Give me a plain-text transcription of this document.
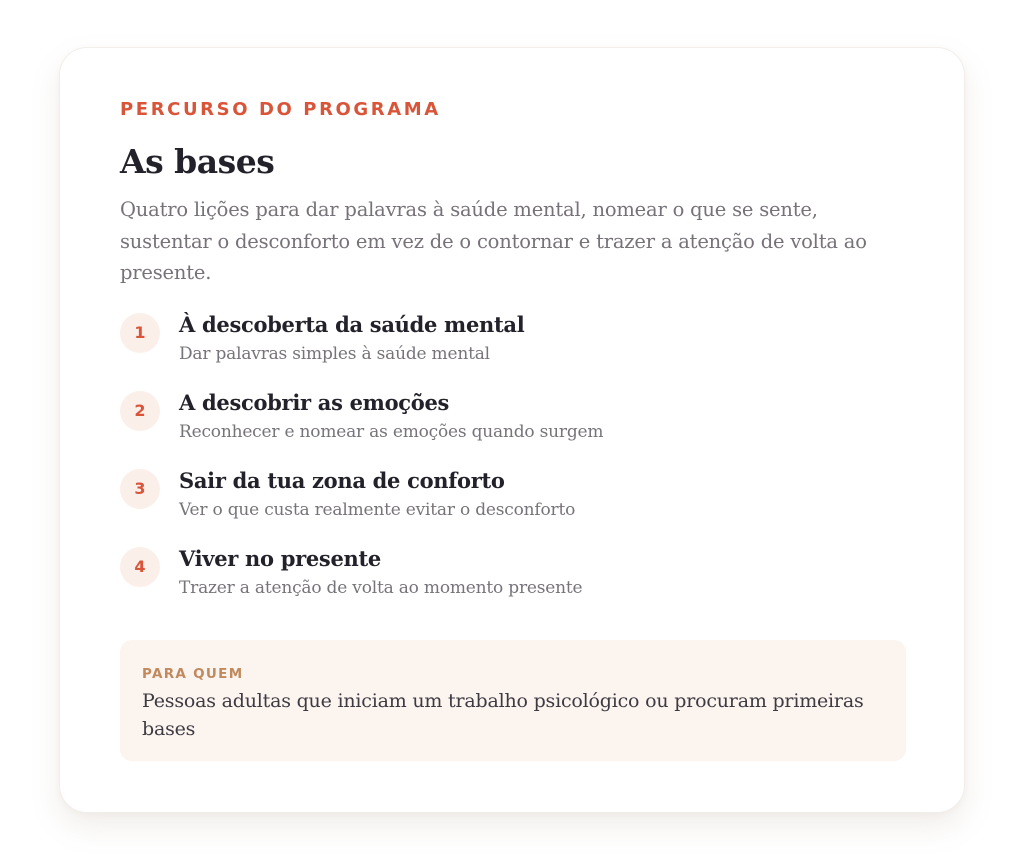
PERCURSO DO PROGRAMA

As bases

Quatro lições para dar palavras à saúde mental, nomear o que se sente, sustentar o desconforto em vez de o contornar e trazer a atenção de volta ao presente.

1	À descoberta da saúde mental

Dar palavras simples à saúde mental

2	A descobrir as emoções

Reconhecer e nomear as emoções quando surgem

3	Sair da tua zona de conforto

Ver o que custa realmente evitar o desconforto

4	Viver no presente

Trazer a atenção de volta ao momento presente

PARA QUEM

Pessoas adultas que iniciam um trabalho psicológico ou procuram primeiras bases
